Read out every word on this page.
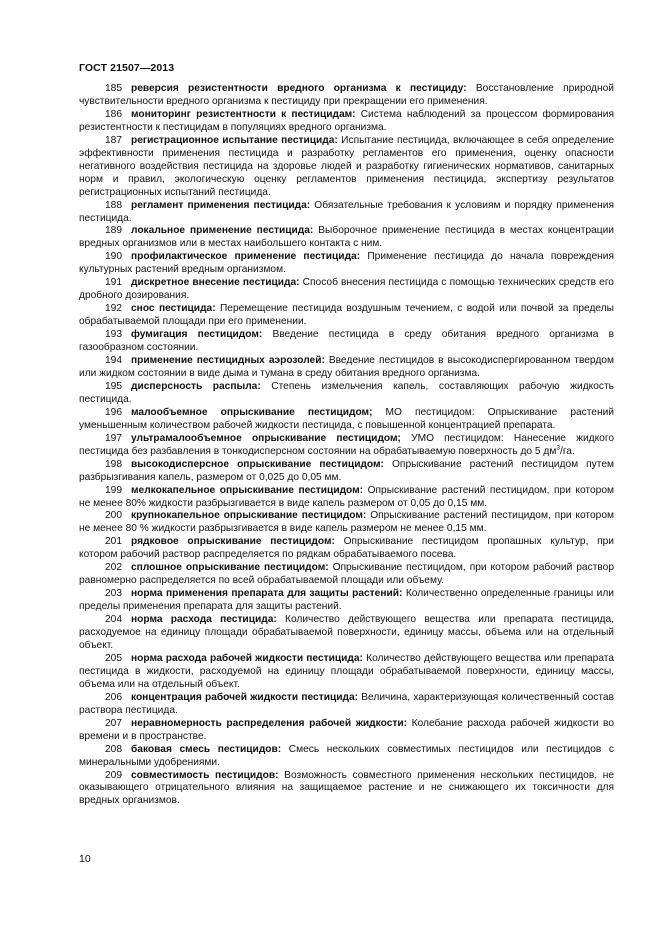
ГОСТ 21507—2013

185 реверсия резистентности вредного организма к пестициду: Восстановление природной чувствительности вредного организма к пестициду при прекращении его применения.

186 мониторинг резистентности к пестицидам: Система наблюдений за процессом формирования резистентности к пестицидам в популяциях вредного организма.

187 регистрационное испытание пестицида: Испытание пестицида, включающее в себя определение эффективности применения пестицида и разработку регламентов его применения, оценку опасности негативного воздействия пестицида на здоровье людей и разработку гигиенических нормативов, санитарных норм и правил, экологическую оценку регламентов применения пестицида, экспертизу результатов регистрационных испытаний пестицида.

188 регламент применения пестицида: Обязательные требования к условиям и порядку применения пестицида.

189 локальное применение пестицида: Выборочное применение пестицида в местах концентрации вредных организмов или в местах наибольшего контакта с ним.

190 профилактическое применение пестицида: Применение пестицида до начала повреждения культурных растений вредным организмом.

191 дискретное внесение пестицида: Способ внесения пестицида с помощью технических средств его дробного дозирования.

192 снос пестицида: Перемещение пестицида воздушным течением, с водой или почвой за пределы обрабатываемой площади при его применении.

193 фумигация пестицидом: Введение пестицида в среду обитания вредного организма в газообразном состоянии.

194 применение пестицидных аэрозолей: Введение пестицидов в высокодиспергированном твердом или жидком состоянии в виде дыма и тумана в среду обитания вредного организма.

195 дисперсность распыла: Степень измельчения капель, составляющих рабочую жидкость пестицида.

196 малообъемное опрыскивание пестицидом; МО пестицидом: Опрыскивание растений уменьшенным количеством рабочей жидкости пестицида, с повышенной концентрацией препарата.

197 ультрамалообъемное опрыскивание пестицидом; УМО пестицидом: Нанесение жидкого пестицида без разбавления в тонкодисперсном состоянии на обрабатываемую поверхность до 5 $дм^3/га$.

198 высокодисперсное опрыскивание пестицидом: Опрыскивание растений пестицидом путем разбрызгивания капель, размером от 0,025 до 0,05 мм.

199 мелкокапельное опрыскивание пестицидом: Опрыскивание растений пестицидом, при котором не менее 80% жидкости разбрызгивается в виде капель размером от 0,05 до 0,15 мм.

200 крупнокапельное опрыскивание пестицидом: Опрыскивание растений пестицидом, при котором не менее 80 % жидкости разбрызгивается в виде капель размером не менее 0,15 мм.

201 рядковое опрыскивание пестицидом: Опрыскивание пестицидом пропашных культур, при котором рабочий раствор распределяется по рядкам обрабатываемого посева.

202 сплошное опрыскивание пестицидом: Опрыскивание пестицидом, при котором рабочий раствор равномерно распределяется по всей обрабатываемой площади или объему.

203 норма применения препарата для защиты растений: Количественно определенные границы или пределы применения препарата для защиты растений.

204 норма расхода пестицида: Количество действующего вещества или препарата пестицида, расходуемое на единицу площади обрабатываемой поверхности, единицу массы, объема или на отдельный объект.

205 норма расхода рабочей жидкости пестицида: Количество действующего вещества или препарата пестицида в жидкости, расходуемой на единицу площади обрабатываемой поверхности, единицу массы, объема или на отдельный объект.

206 концентрация рабочей жидкости пестицида: Величина, характеризующая количественный состав раствора пестицида.

207 неравномерность распределения рабочей жидкости: Колебание расхода рабочей жидкости во времени и в пространстве.

208 баковая смесь пестицидов: Смесь нескольких совместимых пестицидов или пестицидов с минеральными удобрениями.

209 совместимость пестицидов: Возможность совместного применения нескольких пестицидов, не оказывающего отрицательного влияния на защищаемое растение и не снижающего их токсичности для вредных организмов.

10
